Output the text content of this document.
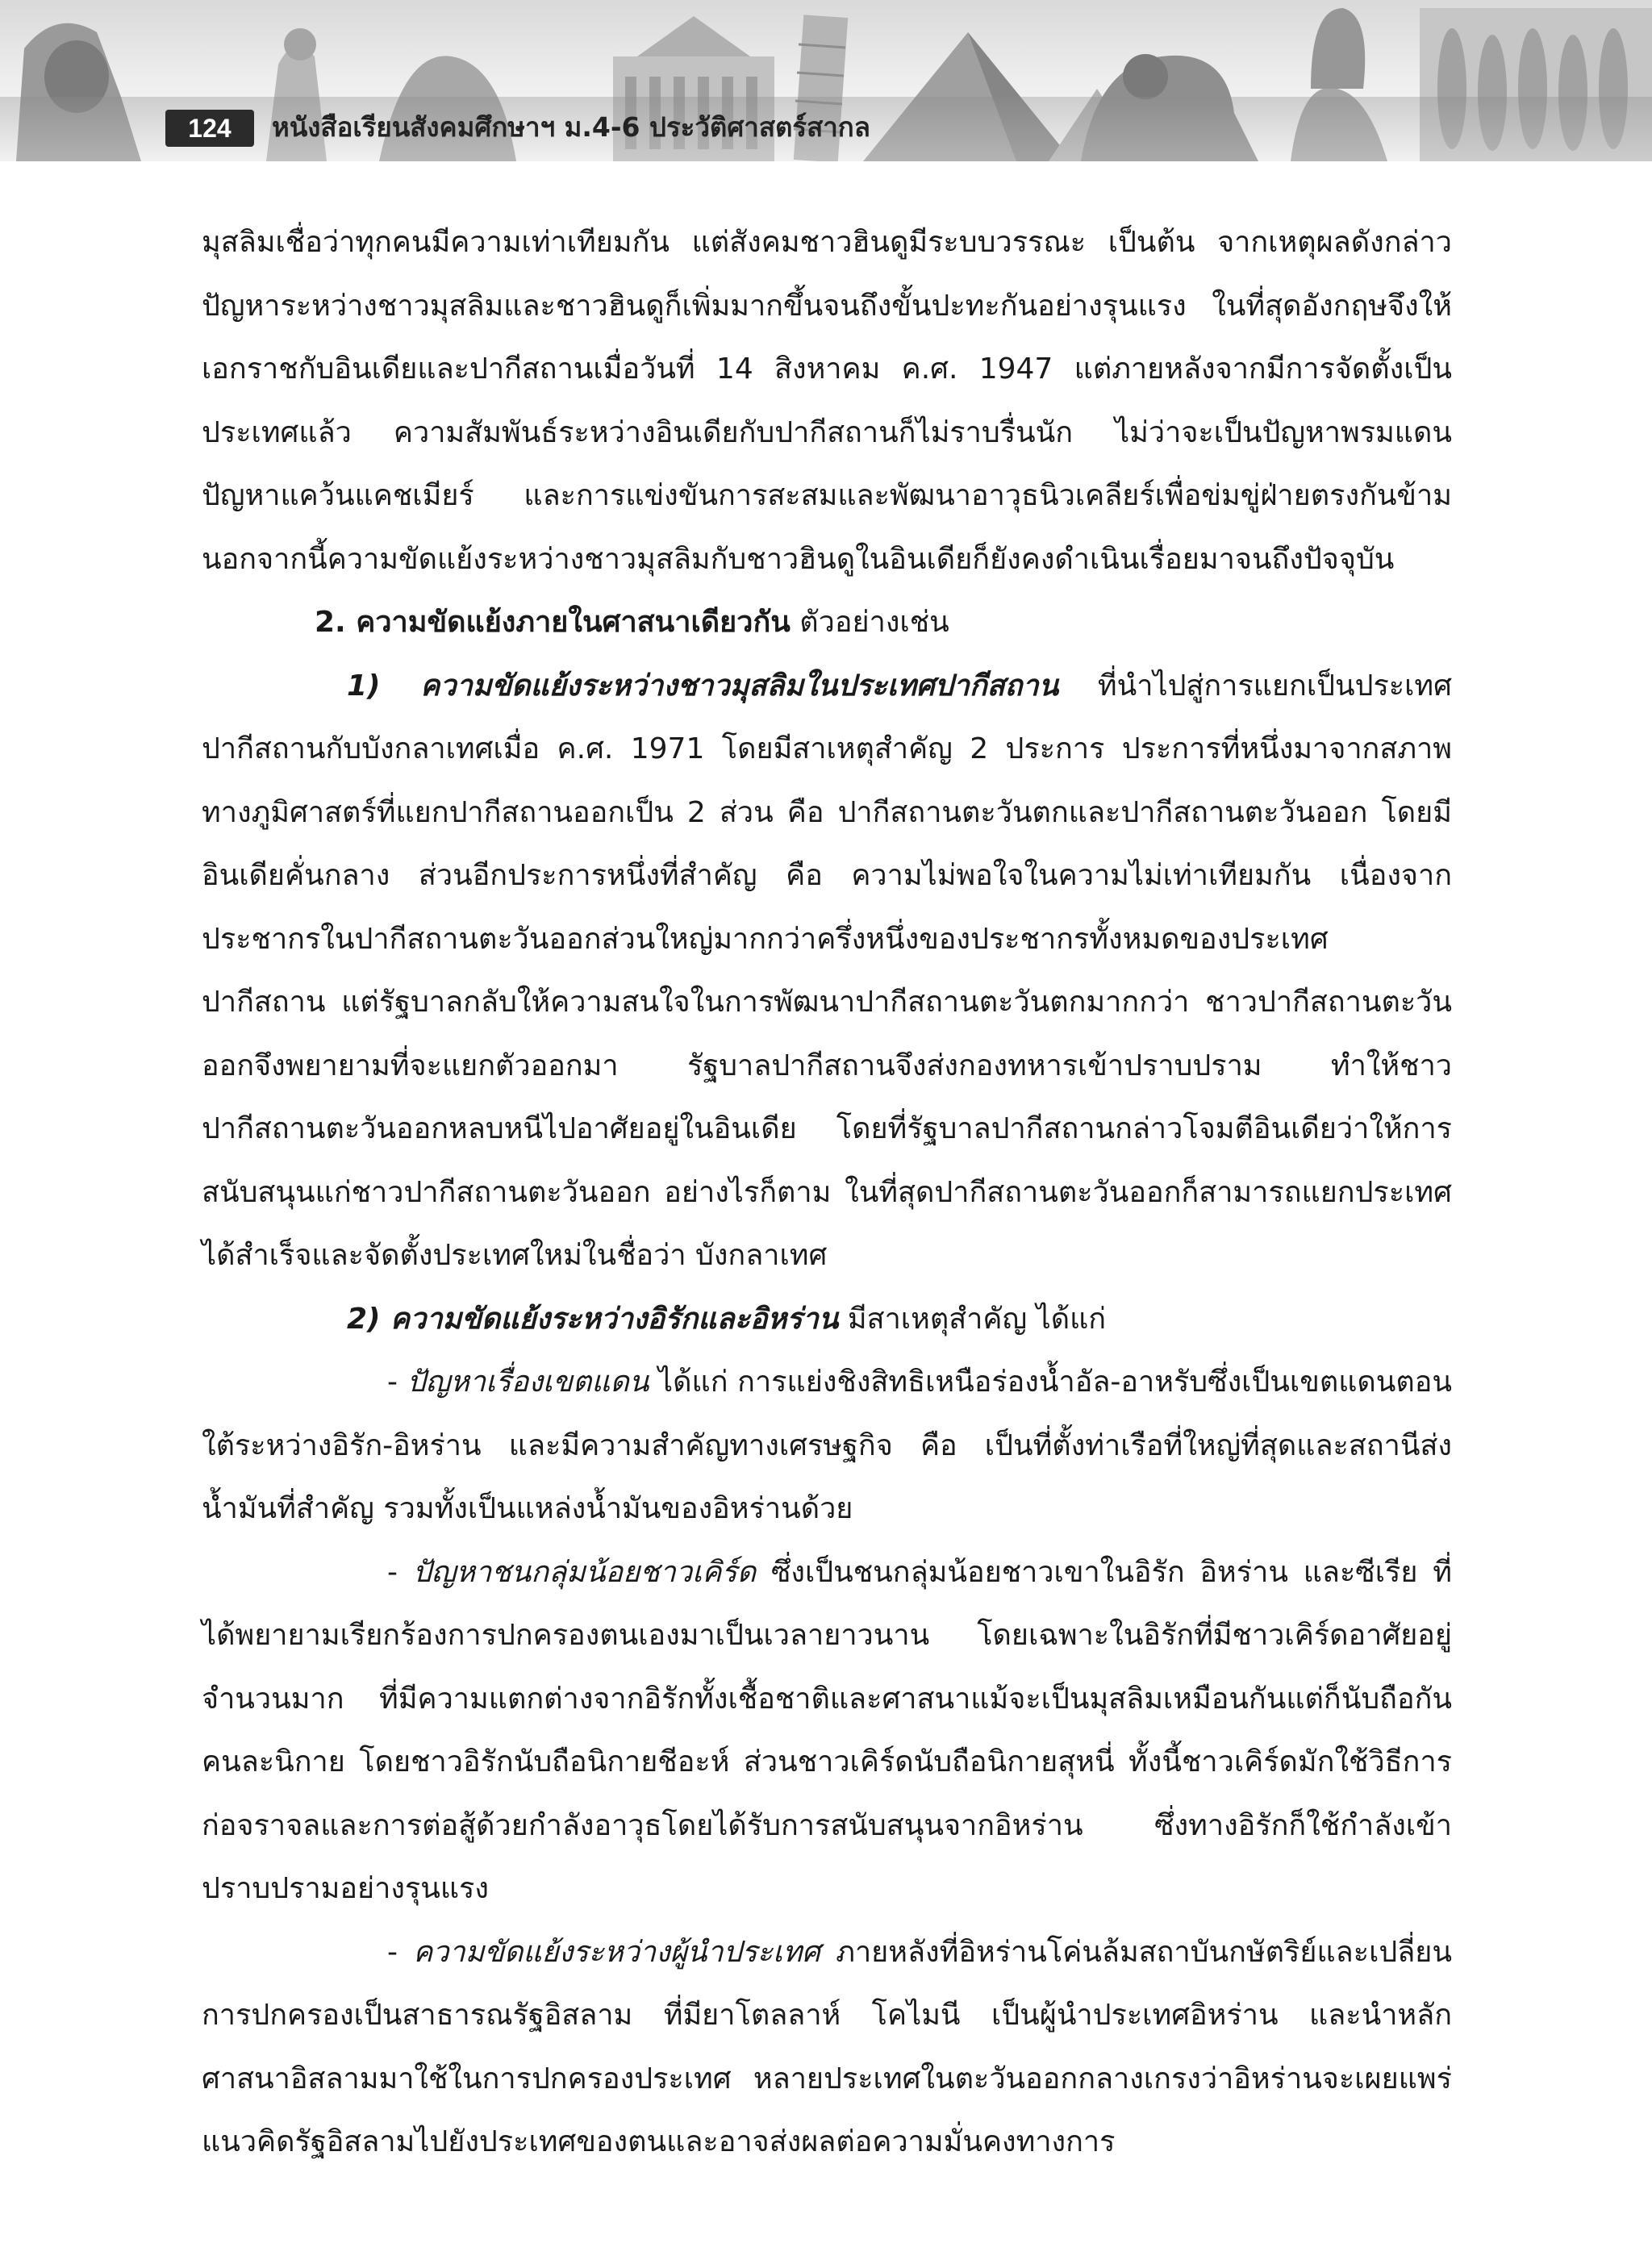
124	หนังสือเรียนสังคมศึกษาฯ ม.4-6 ประวัติศาสตร์สากล

มุสลิมเชื่อว่าทุกคนมีความเท่าเทียมกัน แต่สังคมชาวฮินดูมีระบบวรรณะ เป็นต้น จากเหตุผลดังกล่าวปัญหาระหว่างชาวมุสลิมและชาวฮินดูก็เพิ่มมากขึ้นจนถึงขั้นปะทะกันอย่างรุนแรง ในที่สุดอังกฤษจึงให้เอกราชกับอินเดียและปากีสถานเมื่อวันที่ 14 สิงหาคม ค.ศ. 1947 แต่ภายหลังจากมีการจัดตั้งเป็นประเทศแล้ว ความสัมพันธ์ระหว่างอินเดียกับปากีสถานก็ไม่ราบรื่นนัก ไม่ว่าจะเป็นปัญหาพรมแดน ปัญหาแคว้นแคชเมียร์ และการแข่งขันการสะสมและพัฒนาอาวุธนิวเคลียร์เพื่อข่มขู่ฝ่ายตรงกันข้าม นอกจากนี้ความขัดแย้งระหว่างชาวมุสลิมกับชาวฮินดูในอินเดียก็ยังคงดำเนินเรื่อยมาจนถึงปัจจุบัน

2. ความขัดแย้งภายในศาสนาเดียวกัน ตัวอย่างเช่น

1) ความขัดแย้งระหว่างชาวมุสลิมในประเทศปากีสถาน ที่นำไปสู่การแยกเป็นประเทศปากีสถานกับบังกลาเทศเมื่อ ค.ศ. 1971 โดยมีสาเหตุสำคัญ 2 ประการ ประการที่หนึ่งมาจากสภาพทางภูมิศาสตร์ที่แยกปากีสถานออกเป็น 2 ส่วน คือ ปากีสถานตะวันตกและปากีสถานตะวันออก โดยมีอินเดียคั่นกลาง ส่วนอีกประการหนึ่งที่สำคัญ คือ ความไม่พอใจในความไม่เท่าเทียมกัน เนื่องจากประชากรในปากีสถานตะวันออกส่วนใหญ่มากกว่าครึ่งหนึ่งของประชากรทั้งหมดของประเทศปากีสถาน แต่รัฐบาลกลับให้ความสนใจในการพัฒนาปากีสถานตะวันตกมากกว่า ชาวปากีสถานตะวันออกจึงพยายามที่จะแยกตัวออกมา รัฐบาลปากีสถานจึงส่งกองทหารเข้าปราบปราม ทำให้ชาวปากีสถานตะวันออกหลบหนีไปอาศัยอยู่ในอินเดีย โดยที่รัฐบาลปากีสถานกล่าวโจมตีอินเดียว่าให้การสนับสนุนแก่ชาวปากีสถานตะวันออก อย่างไรก็ตาม ในที่สุดปากีสถานตะวันออกก็สามารถแยกประเทศได้สำเร็จและจัดตั้งประเทศใหม่ในชื่อว่า บังกลาเทศ

2) ความขัดแย้งระหว่างอิรักและอิหร่าน มีสาเหตุสำคัญ ได้แก่

- ปัญหาเรื่องเขตแดน ได้แก่ การแย่งชิงสิทธิเหนือร่องน้ำอัล-อาหรับซึ่งเป็นเขตแดนตอนใต้ระหว่างอิรัก-อิหร่าน และมีความสำคัญทางเศรษฐกิจ คือ เป็นที่ตั้งท่าเรือที่ใหญ่ที่สุดและสถานีส่งน้ำมันที่สำคัญ รวมทั้งเป็นแหล่งน้ำมันของอิหร่านด้วย

- ปัญหาชนกลุ่มน้อยชาวเคิร์ด ซึ่งเป็นชนกลุ่มน้อยชาวเขาในอิรัก อิหร่าน และซีเรีย ที่ได้พยายามเรียกร้องการปกครองตนเองมาเป็นเวลายาวนาน โดยเฉพาะในอิรักที่มีชาวเคิร์ดอาศัยอยู่จำนวนมาก ที่มีความแตกต่างจากอิรักทั้งเชื้อชาติและศาสนาแม้จะเป็นมุสลิมเหมือนกันแต่ก็นับถือกันคนละนิกาย โดยชาวอิรักนับถือนิกายชีอะห์ ส่วนชาวเคิร์ดนับถือนิกายสุหนี่ ทั้งนี้ชาวเคิร์ดมักใช้วิธีการก่อจราจลและการต่อสู้ด้วยกำลังอาวุธโดยได้รับการสนับสนุนจากอิหร่าน ซึ่งทางอิรักก็ใช้กำลังเข้าปราบปรามอย่างรุนแรง

- ความขัดแย้งระหว่างผู้นำประเทศ ภายหลังที่อิหร่านโค่นล้มสถาบันกษัตริย์และเปลี่ยนการปกครองเป็นสาธารณรัฐอิสลาม ที่มียาโตลลาห์ โคไมนี เป็นผู้นำประเทศอิหร่าน และนำหลักศาสนาอิสลามมาใช้ในการปกครองประเทศ หลายประเทศในตะวันออกกลางเกรงว่าอิหร่านจะเผยแพร่แนวคิดรัฐอิสลามไปยังประเทศของตนและอาจส่งผลต่อความมั่นคงทางการ
